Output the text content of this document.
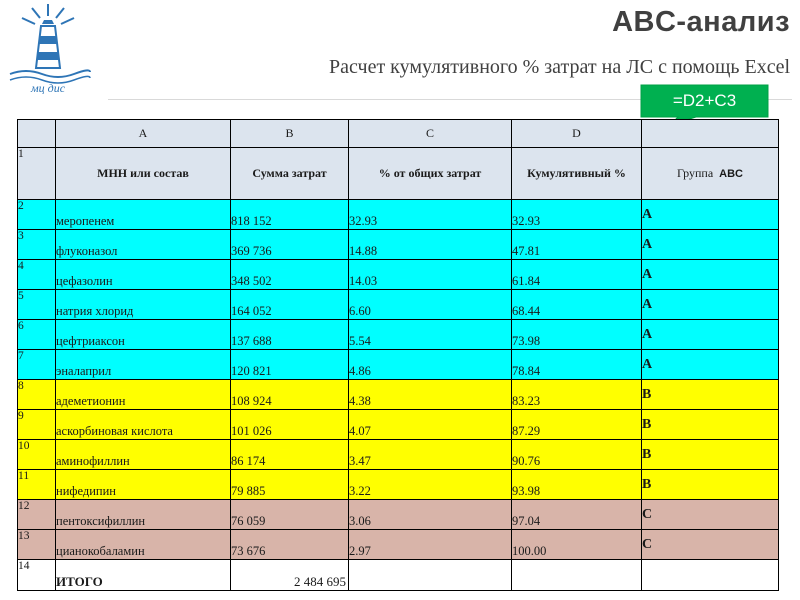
мц дис
ABC-анализ
Расчет кумулятивного % затрат на ЛС с помощь Excel
=D2+C3
	A	B	C	D	
1	МНН или состав	Сумма затрат	% от общих затрат	Кумулятивный %	Группа ABC
2	меропенем	818 152	32.93	32.93	A
3	флуконазол	369 736	14.88	47.81	A
4	цефазолин	348 502	14.03	61.84	A
5	натрия хлорид	164 052	6.60	68.44	A
6	цефтриаксон	137 688	5.54	73.98	A
7	эналаприл	120 821	4.86	78.84	A
8	адеметионин	108 924	4.38	83.23	B
9	аскорбиновая кислота	101 026	4.07	87.29	B
10	аминофиллин	86 174	3.47	90.76	B
11	нифедипин	79 885	3.22	93.98	B
12	пентоксифиллин	76 059	3.06	97.04	C
13	цианокобаламин	73 676	2.97	100.00	C
14	ИТОГО	2 484 695			
